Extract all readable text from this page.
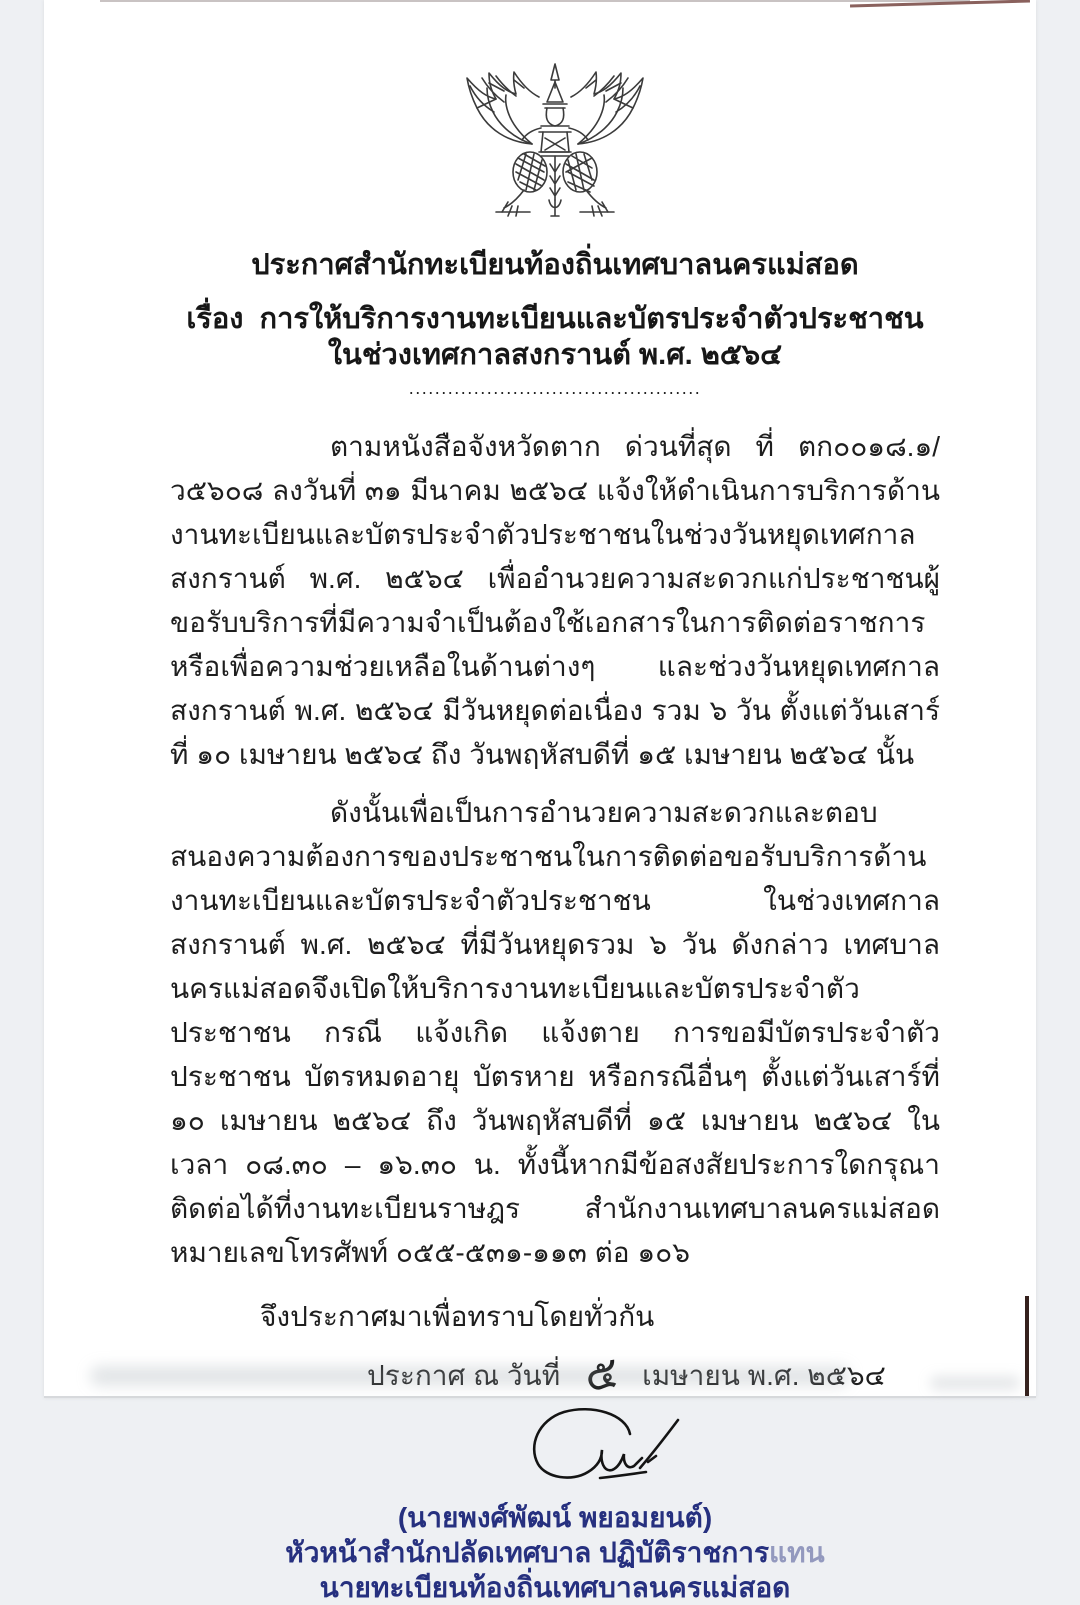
ประกาศสำนักทะเบียนท้องถิ่นเทศบาลนครแม่สอด
เรื่อง  การให้บริการงานทะเบียนและบัตรประจำตัวประชาชนในช่วงเทศกาลสงกรานต์ พ.ศ. ๒๕๖๔
.............................................

ตามหนังสือจังหวัดตาก ด่วนที่สุด ที่ ตก๐๐๑๘.๑/ว๕๖๐๘ ลงวันที่ ๓๑ มีนาคม ๒๕๖๔ แจ้งให้ดำเนินการบริการด้านงานทะเบียนและบัตรประจำตัวประชาชนในช่วงวันหยุดเทศกาลสงกรานต์ พ.ศ. ๒๕๖๔ เพื่ออำนวยความสะดวกแก่ประชาชนผู้ขอรับบริการที่มีความจำเป็นต้องใช้เอกสารในการติดต่อราชการหรือเพื่อความช่วยเหลือในด้านต่างๆ และช่วงวันหยุดเทศกาลสงกรานต์ พ.ศ. ๒๕๖๔ มีวันหยุดต่อเนื่อง รวม ๖ วัน ตั้งแต่วันเสาร์ที่ ๑๐ เมษายน ๒๕๖๔ ถึง วันพฤหัสบดีที่ ๑๕ เมษายน ๒๕๖๔ นั้น

ดังนั้นเพื่อเป็นการอำนวยความสะดวกและตอบสนองความต้องการของประชาชนในการติดต่อขอรับบริการด้านงานทะเบียนและบัตรประจำตัวประชาชน ในช่วงเทศกาลสงกรานต์ พ.ศ. ๒๕๖๔ ที่มีวันหยุดรวม ๖ วัน ดังกล่าว เทศบาลนครแม่สอดจึงเปิดให้บริการงานทะเบียนและบัตรประจำตัวประชาชน กรณี แจ้งเกิด แจ้งตาย การขอมีบัตรประจำตัวประชาชน บัตรหมดอายุ บัตรหาย หรือกรณีอื่นๆ ตั้งแต่วันเสาร์ที่ ๑๐ เมษายน ๒๕๖๔ ถึง วันพฤหัสบดีที่ ๑๕ เมษายน ๒๕๖๔ ในเวลา ๐๘.๓๐ – ๑๖.๓๐ น. ทั้งนี้หากมีข้อสงสัยประการใดกรุณาติดต่อได้ที่งานทะเบียนราษฎร สำนักงานเทศบาลนครแม่สอด หมายเลขโทรศัพท์ ๐๕๕-๕๓๑-๑๑๓ ต่อ ๑๐๖

จึงประกาศมาเพื่อทราบโดยทั่วกัน
ประกาศ ณ วันที่ ๕ เมษายน พ.ศ. ๒๕๖๔
(นายพงศ์พัฒน์ พยอมยนต์)
หัวหน้าสำนักปลัดเทศบาล ปฏิบัติราชการแทน
นายทะเบียนท้องถิ่นเทศบาลนครแม่สอด
